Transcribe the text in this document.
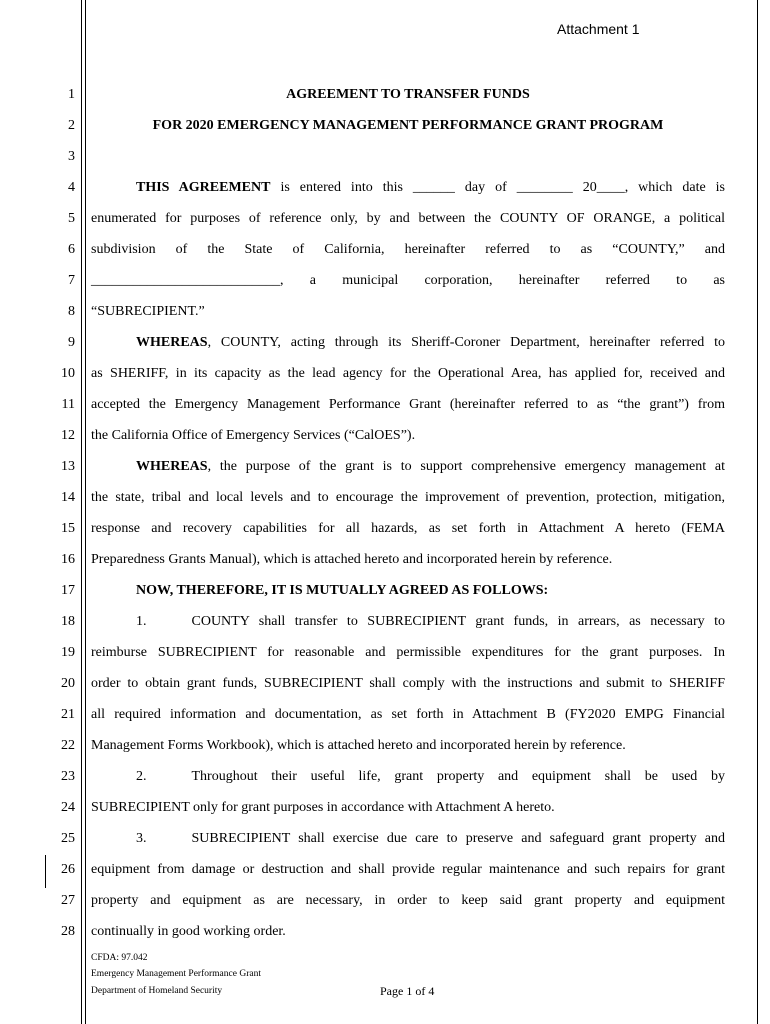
Attachment 1
1
2
3
4
5
6
7
8
9
10
11
12
13
14
15
16
17
18
19
20
21
22
23
24
25
26
27
28
AGREEMENT TO TRANSFER FUNDS
FOR 2020 EMERGENCY MANAGEMENT PERFORMANCE GRANT PROGRAM
THIS AGREEMENT is entered into this ______ day of ________ 20____, which date is
enumerated for purposes of reference only, by and between the COUNTY OF ORANGE, a political
subdivision of the State of California, hereinafter referred to as “COUNTY,” and
___________________________, a municipal corporation, hereinafter referred to as
“SUBRECIPIENT.”
WHEREAS, COUNTY, acting through its Sheriff-Coroner Department, hereinafter referred to
as SHERIFF, in its capacity as the lead agency for the Operational Area, has applied for, received and
accepted the Emergency Management Performance Grant (hereinafter referred to as “the grant”) from
the California Office of Emergency Services (“CalOES”).
WHEREAS, the purpose of the grant is to support comprehensive emergency management at
the state, tribal and local levels and to encourage the improvement of prevention, protection, mitigation,
response and recovery capabilities for all hazards, as set forth in Attachment A hereto (FEMA
Preparedness Grants Manual), which is attached hereto and incorporated herein by reference.
NOW, THEREFORE, IT IS MUTUALLY AGREED AS FOLLOWS:
1.	COUNTY shall transfer to SUBRECIPIENT grant funds, in arrears, as necessary to
reimburse SUBRECIPIENT for reasonable and permissible expenditures for the grant purposes. In
order to obtain grant funds, SUBRECIPIENT shall comply with the instructions and submit to SHERIFF
all required information and documentation, as set forth in Attachment B (FY2020 EMPG Financial
Management Forms Workbook), which is attached hereto and incorporated herein by reference.
2.	Throughout their useful life, grant property and equipment shall be used by
SUBRECIPIENT only for grant purposes in accordance with Attachment A hereto.
3.	SUBRECIPIENT shall exercise due care to preserve and safeguard grant property and
equipment from damage or destruction and shall provide regular maintenance and such repairs for grant
property and equipment as are necessary, in order to keep said grant property and equipment
continually in good working order.
CFDA: 97.042
Emergency Management Performance Grant
Department of Homeland Security	Page 1 of 4
